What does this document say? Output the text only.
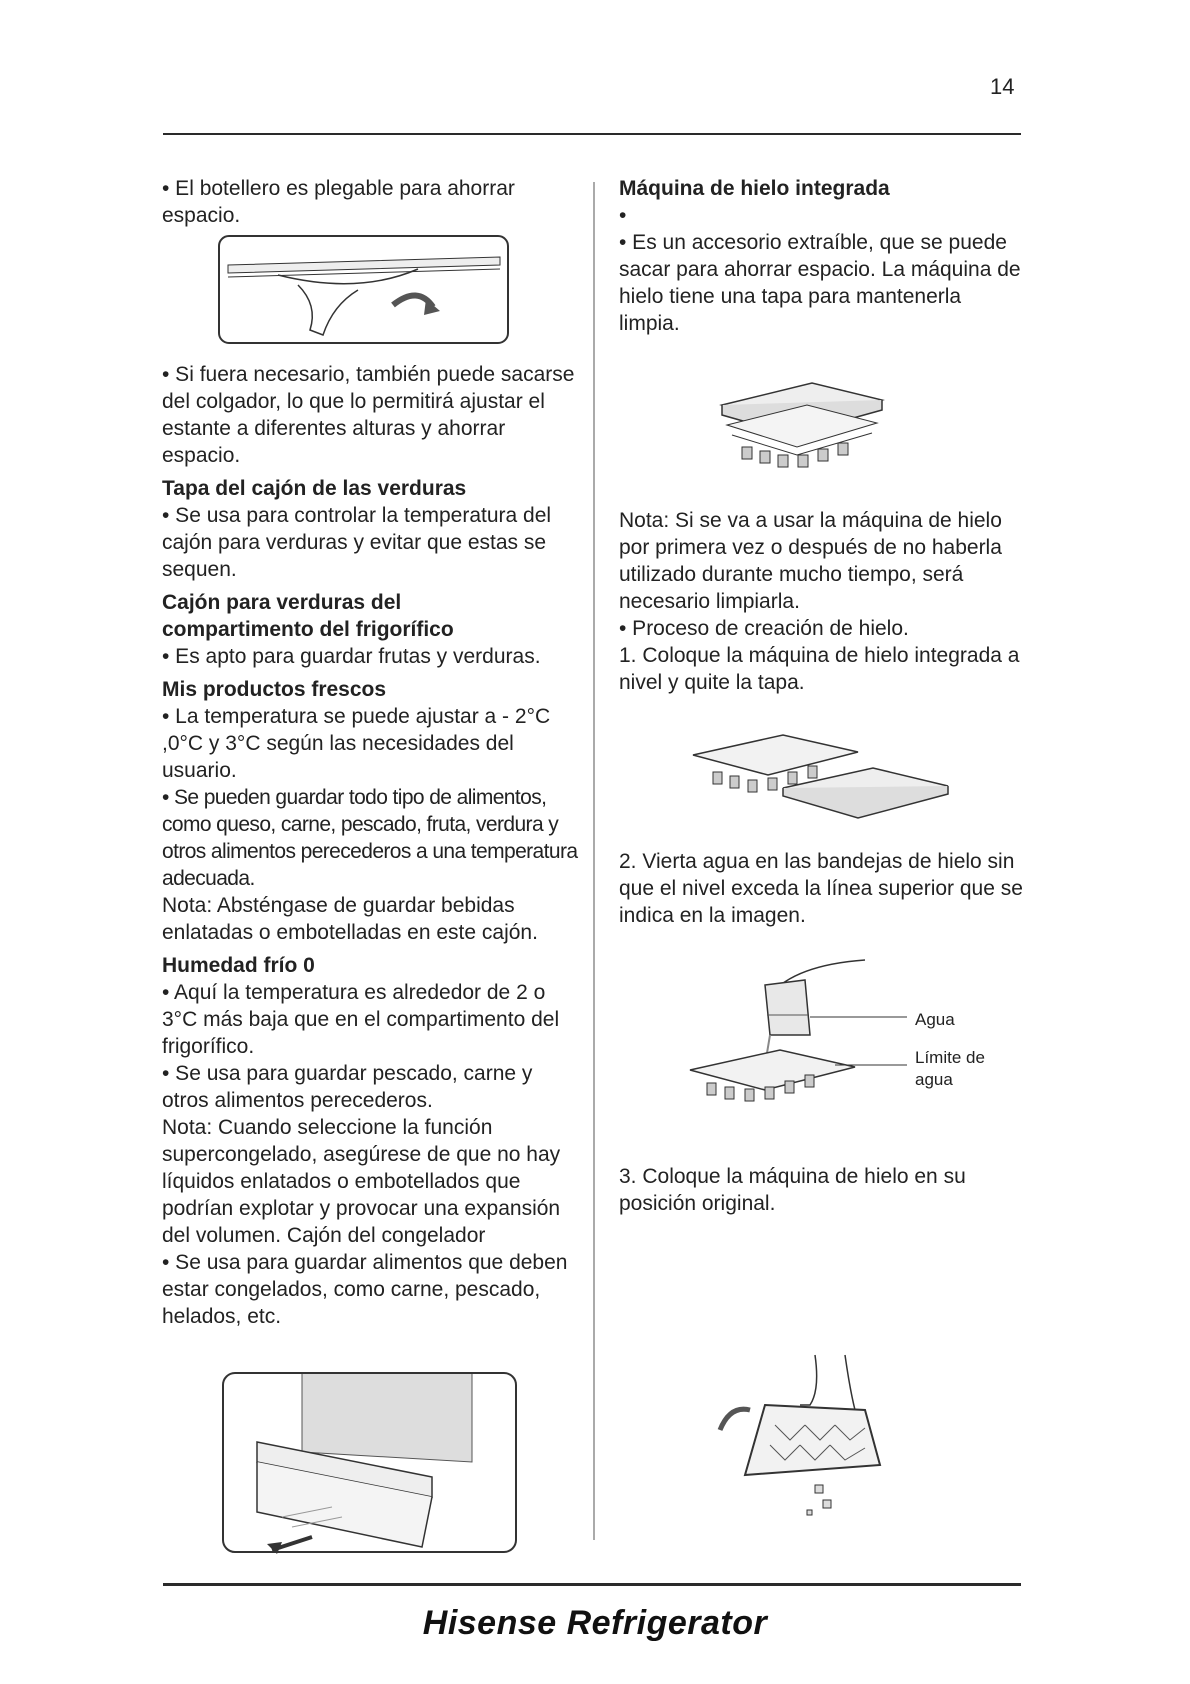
14

• El botellero es plegable para ahorrar espacio.

• Si fuera necesario, también puede sacarse del colgador, lo que lo permitirá ajustar el estante a diferentes alturas y ahorrar espacio.

Tapa del cajón de las verduras

• Se usa para controlar la temperatura del cajón para verduras y evitar que estas se sequen.

Cajón para verduras del

compartimento del frigorífico

• Es apto para guardar frutas y verduras.

Mis productos frescos

• La temperatura se puede ajustar a - 2°C ,0°C y 3°C según las necesidades del usuario.

• Se pueden guardar todo tipo de alimentos, como queso, carne, pescado, fruta, verdura y otros alimentos perecederos a una temperatura adecuada.

Nota: Absténgase de guardar bebidas enlatadas o embotelladas en este cajón.

Humedad frío 0

• Aquí la temperatura es alrededor de 2 o 3°C más baja que en el compartimento del frigorífico.

• Se usa para guardar pescado, carne y otros alimentos perecederos.

Nota: Cuando seleccione la función supercongelado, asegúrese de que no hay líquidos enlatados o embotellados que podrían explotar y provocar una expansión del volumen. Cajón del congelador

• Se usa para guardar alimentos que deben estar congelados, como carne, pescado, helados, etc.

Máquina de hielo integrada

•

• Es un accesorio extraíble, que se puede sacar para ahorrar espacio. La máquina de hielo tiene una tapa para mantenerla limpia.

Nota: Si se va a usar la máquina de hielo por primera vez o después de no haberla utilizado durante mucho tiempo, será necesario limpiarla.

• Proceso de creación de hielo.

1. Coloque la máquina de hielo integrada a nivel y quite la tapa.

2. Vierta agua en las bandejas de hielo sin que el nivel exceda la línea superior que se indica en la imagen.

3. Coloque la máquina de hielo en su posición original.

Agua
Límite de
agua
Hisense Refrigerator
